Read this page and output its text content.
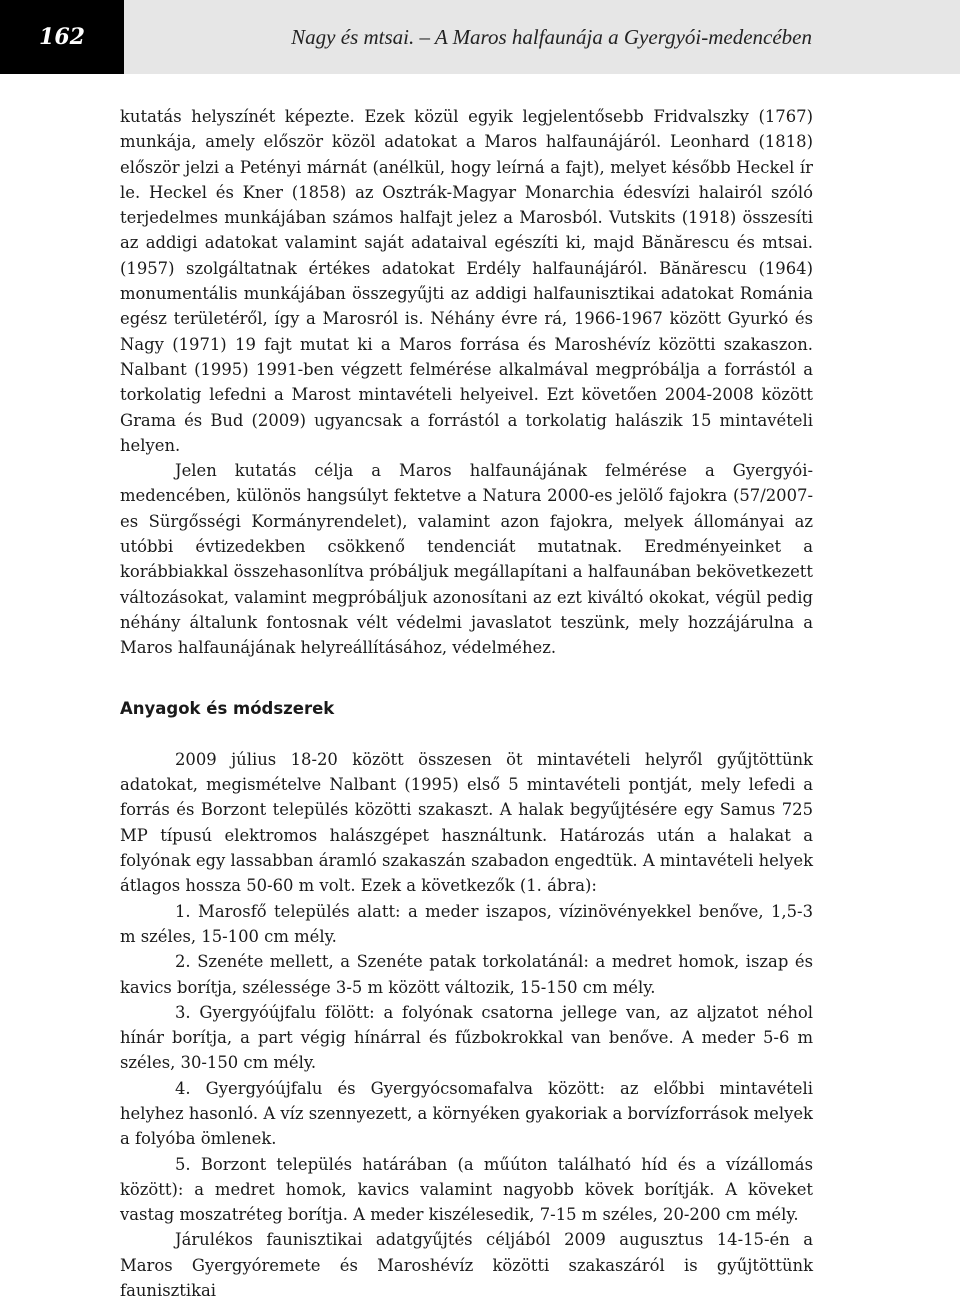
162	Nagy és mtsai. – A Maros halfaunája a Gyergyói-medencében

kutatás helyszínét képezte. Ezek közül egyik legjelentősebb Fridvalszky (1767) munkája, amely először közöl adatokat a Maros halfaunájáról. Leonhard (1818) először jelzi a Petényi márnát (anélkül, hogy leírná a fajt), melyet később Heckel ír le. Heckel és Kner (1858) az Osztrák-Magyar Monarchia édesvízi halairól szóló terjedelmes munkájában számos halfajt jelez a Marosból. Vutskits (1918) összesíti az addigi adatokat valamint saját adataival egészíti ki, majd Bănărescu és mtsai. (1957) szolgáltatnak értékes adatokat Erdély halfaunájáról. Bănărescu (1964) monumentális munkájában összegyűjti az addigi halfaunisztikai adatokat Románia egész területéről, így a Marosról is. Néhány évre rá, 1966-1967 között Gyurkó és Nagy (1971) 19 fajt mutat ki a Maros forrása és Maroshévíz közötti szakaszon. Nalbant (1995) 1991-ben végzett felmérése alkalmával megpróbálja a forrástól a torkolatig lefedni a Marost mintavételi helyeivel. Ezt követően 2004-2008 között Grama és Bud (2009) ugyancsak a forrástól a torkolatig halászik 15 mintavételi helyen.

Jelen kutatás célja a Maros halfaunájának felmérése a Gyergyói-medencében, különös hangsúlyt fektetve a Natura 2000-es jelölő fajokra (57/2007-es Sürgősségi Kormányrendelet), valamint azon fajokra, melyek állományai az utóbbi évtizedekben csökkenő tendenciát mutatnak. Eredményeinket a korábbiakkal összehasonlítva próbáljuk megállapítani a halfaunában bekövetkezett változásokat, valamint megpróbáljuk azonosítani az ezt kiváltó okokat, végül pedig néhány általunk fontosnak vélt védelmi javaslatot teszünk, mely hozzájárulna a Maros halfaunájának helyreállításához, védelméhez.

Anyagok és módszerek

2009 július 18-20 között összesen öt mintavételi helyről gyűjtöttünk adatokat, megismételve Nalbant (1995) első 5 mintavételi pontját, mely lefedi a forrás és Borzont település közötti szakaszt. A halak begyűjtésére egy Samus 725 MP típusú elektromos halászgépet használtunk. Határozás után a halakat a folyónak egy lassabban áramló szakaszán szabadon engedtük. A mintavételi helyek átlagos hossza 50-60 m volt. Ezek a következők (1. ábra):

1. Marosfő település alatt: a meder iszapos, vízinövényekkel benőve, 1,5-3 m széles, 15-100 cm mély.

2. Szenéte mellett, a Szenéte patak torkolatánál: a medret homok, iszap és kavics borítja, szélessége 3-5 m között változik, 15-150 cm mély.

3. Gyergyóújfalu fölött: a folyónak csatorna jellege van, az aljzatot néhol hínár borítja, a part végig hínárral és fűzbokrokkal van benőve. A meder 5-6 m széles, 30-150 cm mély.

4. Gyergyóújfalu és Gyergyócsomafalva között: az előbbi mintavételi helyhez hasonló. A víz szennyezett, a környéken gyakoriak a borvízforrások melyek a folyóba ömlenek.

5. Borzont település határában (a műúton található híd és a vízállomás között): a medret homok, kavics valamint nagyobb kövek borítják. A köveket vastag moszatréteg borítja. A meder kiszélesedik, 7-15 m széles, 20-200 cm mély.

Járulékos faunisztikai adatgyűjtés céljából 2009 augusztus 14-15-én a Maros Gyergyóremete és Maroshévíz közötti szakaszáról is gyűjtöttünk faunisztikai
